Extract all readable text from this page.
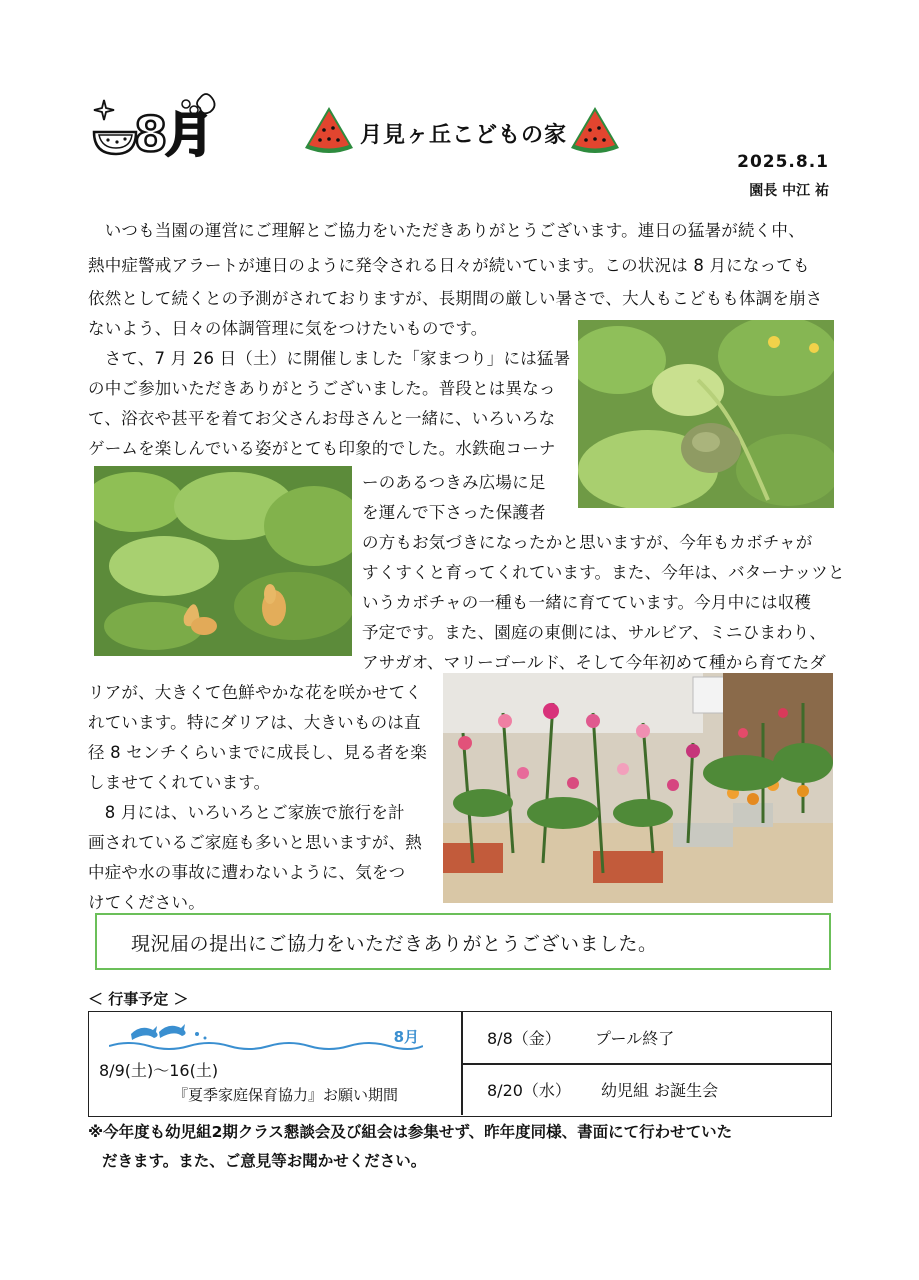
8月	月見ヶ丘こどもの家
2025.8.1
園長 中江 祐
　いつも当園の運営にご理解とご協力をいただきありがとうございます。連日の猛暑が続く中、
熱中症警戒アラートが連日のように発令される日々が続いています。この状況は 8 月になっても
依然として続くとの予測がされておりますが、長期間の厳しい暑さで、大人もこどもも体調を崩さ
ないよう、日々の体調管理に気をつけたいものです。
　さて、7 月 26 日（土）に開催しました「家まつり」には猛暑
の中ご参加いただきありがとうございました。普段とは異なっ
て、浴衣や甚平を着てお父さんお母さんと一緒に、いろいろな
ゲームを楽しんでいる姿がとても印象的でした。水鉄砲コーナ
ーのあるつきみ広場に足
を運んで下さった保護者
の方もお気づきになったかと思いますが、今年もカボチャが
すくすくと育ってくれています。また、今年は、バターナッツと
いうカボチャの一種も一緒に育てています。今月中には収穫
予定です。また、園庭の東側には、サルビア、ミニひまわり、
アサガオ、マリーゴールド、そして今年初めて種から育てたダ
リアが、大きくて色鮮やかな花を咲かせてく
れています。特にダリアは、大きいものは直
径 8 センチくらいまでに成長し、見る者を楽
しませてくれています。
　8 月には、いろいろとご家族で旅行を計
画されているご家庭も多いと思いますが、熱
中症や水の事故に遭わないように、気をつ
けてください。
現況届の提出にご協力をいただきありがとうございました。
＜ 行事予定 ＞
8月
8/9(土)～16(土)
『夏季家庭保育協力』お願い期間
8/8（金） プール終了
8/20（水） 幼児組 お誕生会
※今年度も幼児組2期クラス懇談会及び組会は参集せず、昨年度同様、書面にて行わせていた
だきます。また、ご意見等お聞かせください。
